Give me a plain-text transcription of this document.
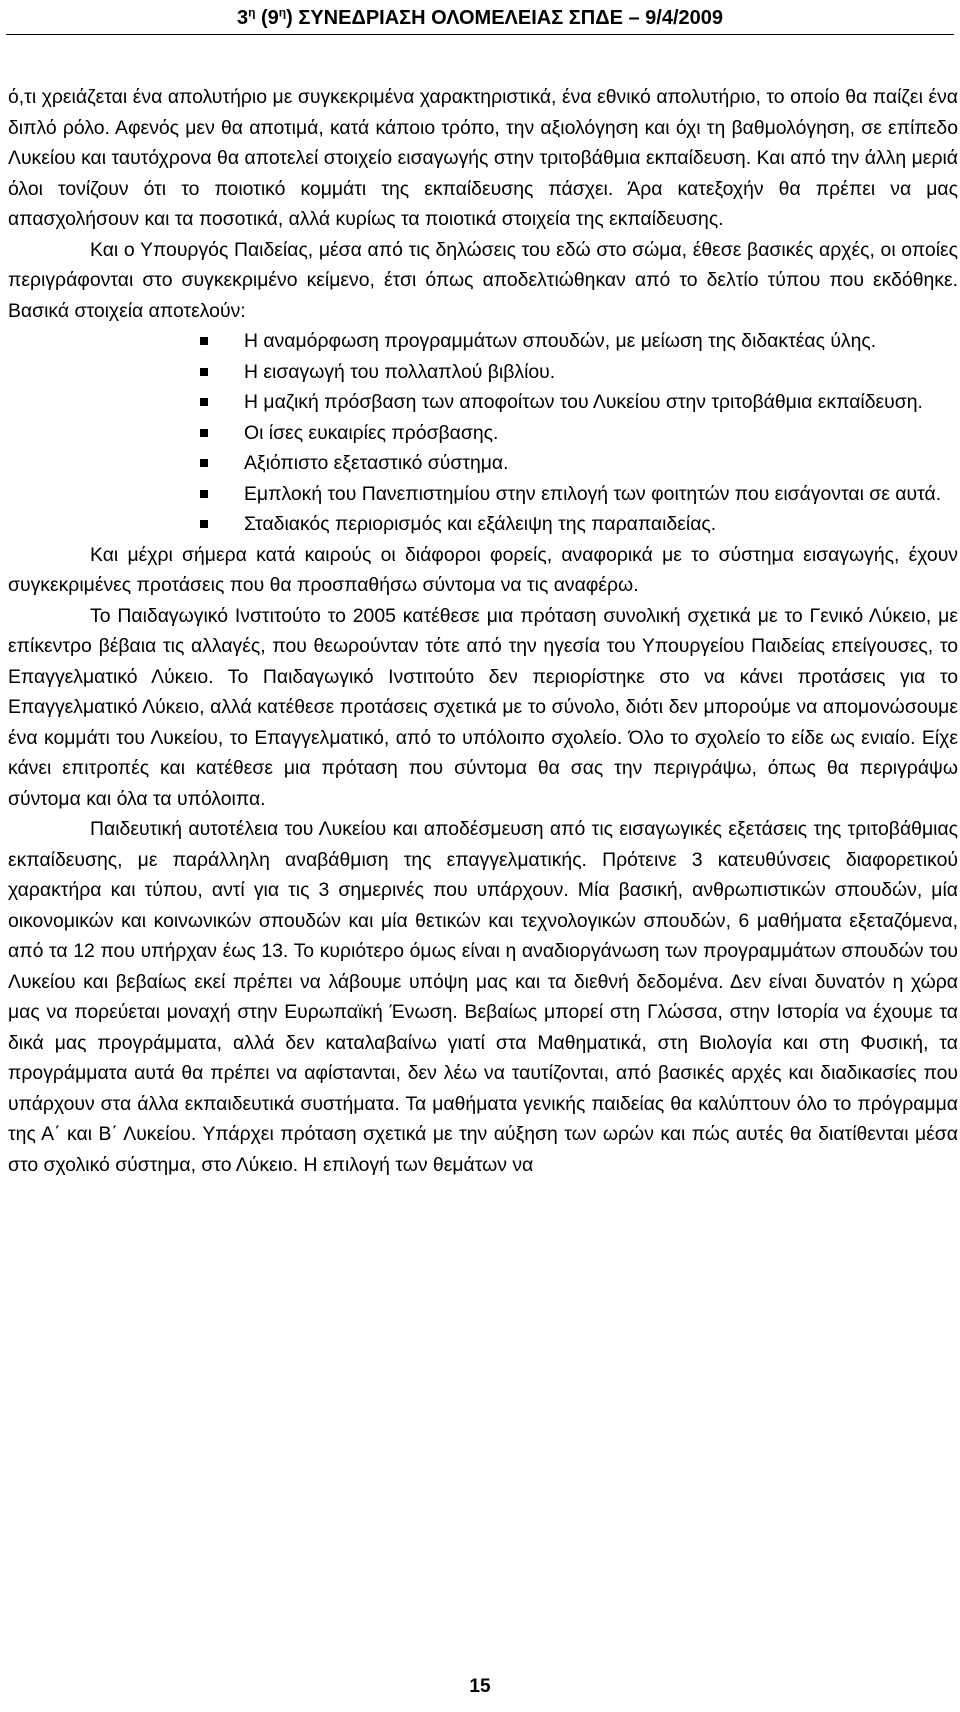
$3^\eta$ $(9^\eta)$ ΣΥΝΕΔΡΙΑΣΗ ΟΛΟΜΕΛΕΙΑΣ ΣΠΔΕ – 9/4/2009

ό,τι χρειάζεται ένα απολυτήριο με συγκεκριμένα χαρακτηριστικά, ένα εθνικό απολυτήριο, το οποίο θα παίζει ένα διπλό ρόλο. Αφενός μεν θα αποτιμά, κατά κάποιο τρόπο, την αξιολόγηση και όχι τη βαθμολόγηση, σε επίπεδο Λυκείου και ταυτόχρονα θα αποτελεί στοιχείο εισαγωγής στην τριτοβάθμια εκπαίδευση. Και από την άλλη μεριά όλοι τονίζουν ότι το ποιοτικό κομμάτι της εκπαίδευσης πάσχει. Άρα κατεξοχήν θα πρέπει να μας απασχολήσουν και τα ποσοτικά, αλλά κυρίως τα ποιοτικά στοιχεία της εκπαίδευσης.

Και ο Υπουργός Παιδείας, μέσα από τις δηλώσεις του εδώ στο σώμα, έθεσε βασικές αρχές, οι οποίες περιγράφονται στο συγκεκριμένο κείμενο, έτσι όπως αποδελτιώθηκαν από το δελτίο τύπου που εκδόθηκε. Βασικά στοιχεία αποτελούν:

Η αναμόρφωση προγραμμάτων σπουδών, με μείωση της διδακτέας ύλης.
Η εισαγωγή του πολλαπλού βιβλίου.
Η μαζική πρόσβαση των αποφοίτων του Λυκείου στην τριτοβάθμια εκπαίδευση.
Οι ίσες ευκαιρίες πρόσβασης.
Αξιόπιστο εξεταστικό σύστημα.
Εμπλοκή του Πανεπιστημίου στην επιλογή των φοιτητών που εισάγονται σε αυτά.
Σταδιακός περιορισμός και εξάλειψη της παραπαιδείας.

Και μέχρι σήμερα κατά καιρούς οι διάφοροι φορείς, αναφορικά με το σύστημα εισαγωγής, έχουν συγκεκριμένες προτάσεις που θα προσπαθήσω σύντομα να τις αναφέρω.

Το Παιδαγωγικό Ινστιτούτο το 2005 κατέθεσε μια πρόταση συνολική σχετικά με το Γενικό Λύκειο, με επίκεντρο βέβαια τις αλλαγές, που θεωρούνταν τότε από την ηγεσία του Υπουργείου Παιδείας επείγουσες, το Επαγγελματικό Λύκειο. Το Παιδαγωγικό Ινστιτούτο δεν περιορίστηκε στο να κάνει προτάσεις για το Επαγγελματικό Λύκειο, αλλά κατέθεσε προτάσεις σχετικά με το σύνολο, διότι δεν μπορούμε να απομονώσουμε ένα κομμάτι του Λυκείου, το Επαγγελματικό, από το υπόλοιπο σχολείο. Όλο το σχολείο το είδε ως ενιαίο. Είχε κάνει επιτροπές και κατέθεσε μια πρόταση που σύντομα θα σας την περιγράψω, όπως θα περιγράψω σύντομα και όλα τα υπόλοιπα.

Παιδευτική αυτοτέλεια του Λυκείου και αποδέσμευση από τις εισαγωγικές εξετάσεις της τριτοβάθμιας εκπαίδευσης, με παράλληλη αναβάθμιση της επαγγελματικής. Πρότεινε 3 κατευθύνσεις διαφορετικού χαρακτήρα και τύπου, αντί για τις 3 σημερινές που υπάρχουν. Μία βασική, ανθρωπιστικών σπουδών, μία οικονομικών και κοινωνικών σπουδών και μία θετικών και τεχνολογικών σπουδών, 6 μαθήματα εξεταζόμενα, από τα 12 που υπήρχαν έως 13. Το κυριότερο όμως είναι η αναδιοργάνωση των προγραμμάτων σπουδών του Λυκείου και βεβαίως εκεί πρέπει να λάβουμε υπόψη μας και τα διεθνή δεδομένα. Δεν είναι δυνατόν η χώρα μας να πορεύεται μοναχή στην Ευρωπαϊκή Ένωση. Βεβαίως μπορεί στη Γλώσσα, στην Ιστορία να έχουμε τα δικά μας προγράμματα, αλλά δεν καταλαβαίνω γιατί στα Μαθηματικά, στη Βιολογία και στη Φυσική, τα προγράμματα αυτά θα πρέπει να αφίστανται, δεν λέω να ταυτίζονται, από βασικές αρχές και διαδικασίες που υπάρχουν στα άλλα εκπαιδευτικά συστήματα. Τα μαθήματα γενικής παιδείας θα καλύπτουν όλο το πρόγραμμα της Α΄ και Β΄ Λυκείου. Υπάρχει πρόταση σχετικά με την αύξηση των ωρών και πώς αυτές θα διατίθενται μέσα στο σχολικό σύστημα, στο Λύκειο. Η επιλογή των θεμάτων να

15
